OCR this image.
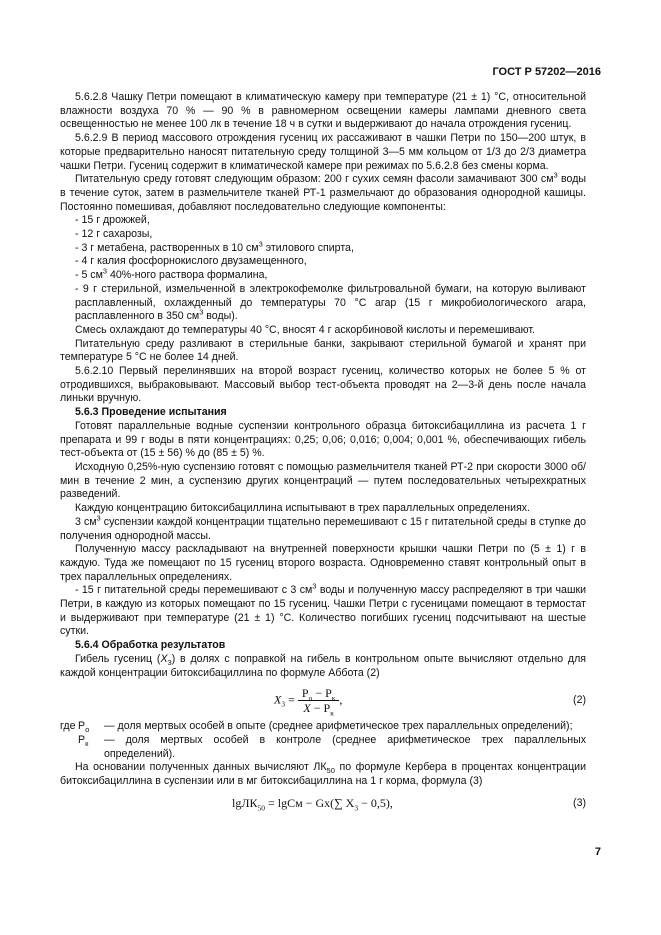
ГОСТ Р 57202—2016

5.6.2.8 Чашку Петри помещают в климатическую камеру при температуре (21 ± 1) °С, относительной влажности воздуха 70 % — 90 % в равномерном освещении камеры лампами дневного света освещенностью не менее 100 лк в течение 18 ч в сутки и выдерживают до начала отрождения гусениц.

5.6.2.9 В период массового отрождения гусениц их рассаживают в чашки Петри по 150—200 штук, в которые предварительно наносят питательную среду толщиной 3—5 мм кольцом от 1/3 до 2/3 диаметра чашки Петри. Гусениц содержит в климатической камере при режимах по 5.6.2.8 без смены корма.

Питательную среду готовят следующим образом: 200 г сухих семян фасоли замачивают 300 $см^3$ воды в течение суток, затем в размельчителе тканей РТ-1 размельчают до образования однородной кашицы. Постоянно помешивая, добавляют последовательно следующие компоненты:

- 15 г дрожжей,

- 12 г сахарозы,

- 3 г метабена, растворенных в 10 $см^3$ этилового спирта,

- 4 г калия фосфорнокислого двузамещенного,

- 5 $см^3$ 40%-ного раствора формалина,

- 9 г стерильной, измельченной в электрокофемолке фильтровальной бумаги, на которую выливают расплавленный, охлажденный до температуры 70 °С агар (15 г микробиологического агара, расплавленного в 350 $см^3$ воды).

Смесь охлаждают до температуры 40 °С, вносят 4 г аскорбиновой кислоты и перемешивают.

Питательную среду разливают в стерильные банки, закрывают стерильной бумагой и хранят при температуре 5 °С не более 14 дней.

5.6.2.10 Первый перелинявших на второй возраст гусениц, количество которых не более 5 % от отродившихся, выбраковывают. Массовый выбор тест-объекта проводят на 2—3-й день после начала линьки вручную.

5.6.3 Проведение испытания

Готовят параллельные водные суспензии контрольного образца битоксибациллина из расчета 1 г препарата и 99 г воды в пяти концентрациях: 0,25; 0,06; 0,016; 0,004; 0,001 %, обеспечивающих гибель тест-объекта от (15 ± 56) % до (85 ± 5) %.

Исходную 0,25%-ную суспензию готовят с помощью размельчителя тканей РТ-2 при скорости 3000 об/мин в течение 2 мин, а суспензию других концентраций — путем последовательных четырехкратных разведений.

Каждую концентрацию битоксибациллина испытывают в трех параллельных определениях.

3 $см^3$ суспензии каждой концентрации тщательно перемешивают с 15 г питательной среды в ступке до получения однородной массы.

Полученную массу раскладывают на внутренней поверхности крышки чашки Петри по (5 ± 1) г в каждую. Туда же помещают по 15 гусениц второго возраста. Одновременно ставят контрольный опыт в трех параллельных определениях.

- 15 г питательной среды перемешивают с 3 $см^3$ воды и полученную массу распределяют в три чашки Петри, в каждую из которых помещают по 15 гусениц. Чашки Петри с гусеницами помещают в термостат и выдерживают при температуре (21 ± 1) °С. Количество погибших гусениц подсчитывают на шестые сутки.

5.6.4 Обработка результатов

Гибель гусениц $(X_3)$ в долях с поправкой на гибель в контрольном опыте вычисляют отдельно для каждой концентрации битоксибациллина по формуле Аббота (2)

$X_3 = \frac{Р_о - Р_к}{X - Р_к}$ ,	(2)
где $Р_о$	— доля мертвых особей в опыте (среднее арифметическое трех параллельных определений);
$Р_к$	— доля мертвых особей в контроле (среднее арифметическое трех параллельных определений).

На основании полученных данных вычисляют $ЛК_{50}$ по формуле Кербера в процентах концентрации битоксибациллина в суспензии или в мг битоксибациллина на 1 г корма, формула (3)

lgЛК$_{50}$ = lgСм − Gx(∑ $X_3 - 0,5$),	(3)
7
